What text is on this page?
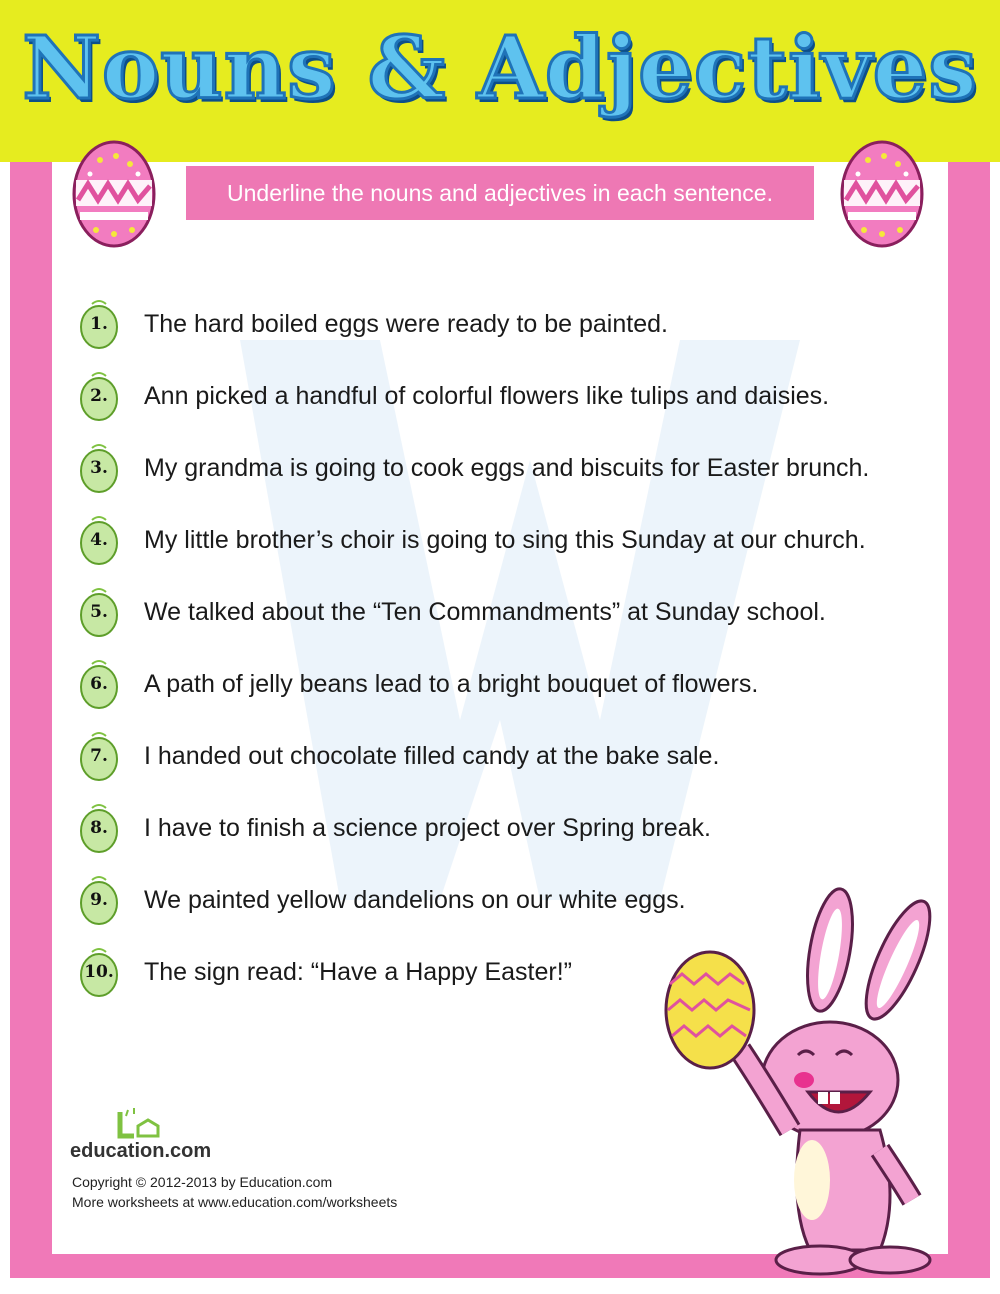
Nouns & Adjectives
Underline the nouns and adjectives in each sentence.
1.	The hard boiled eggs were ready to be painted.
2.	Ann picked a handful of colorful flowers like tulips and daisies.
3.	My grandma is going to cook eggs and biscuits for Easter brunch.
4.	My little brother’s choir is going to sing this Sunday at our church.
5.	We talked about the “Ten Commandments” at Sunday school.
6.	A path of jelly beans lead to a bright bouquet of flowers.
7.	I handed out chocolate filled candy at the bake sale.
8.	I have to finish a science project over Spring break.
9.	We painted yellow dandelions on our white eggs.
10.	The sign read: “Have a Happy Easter!”
education.com
Copyright © 2012-2013 by Education.com
More worksheets at www.education.com/worksheets
